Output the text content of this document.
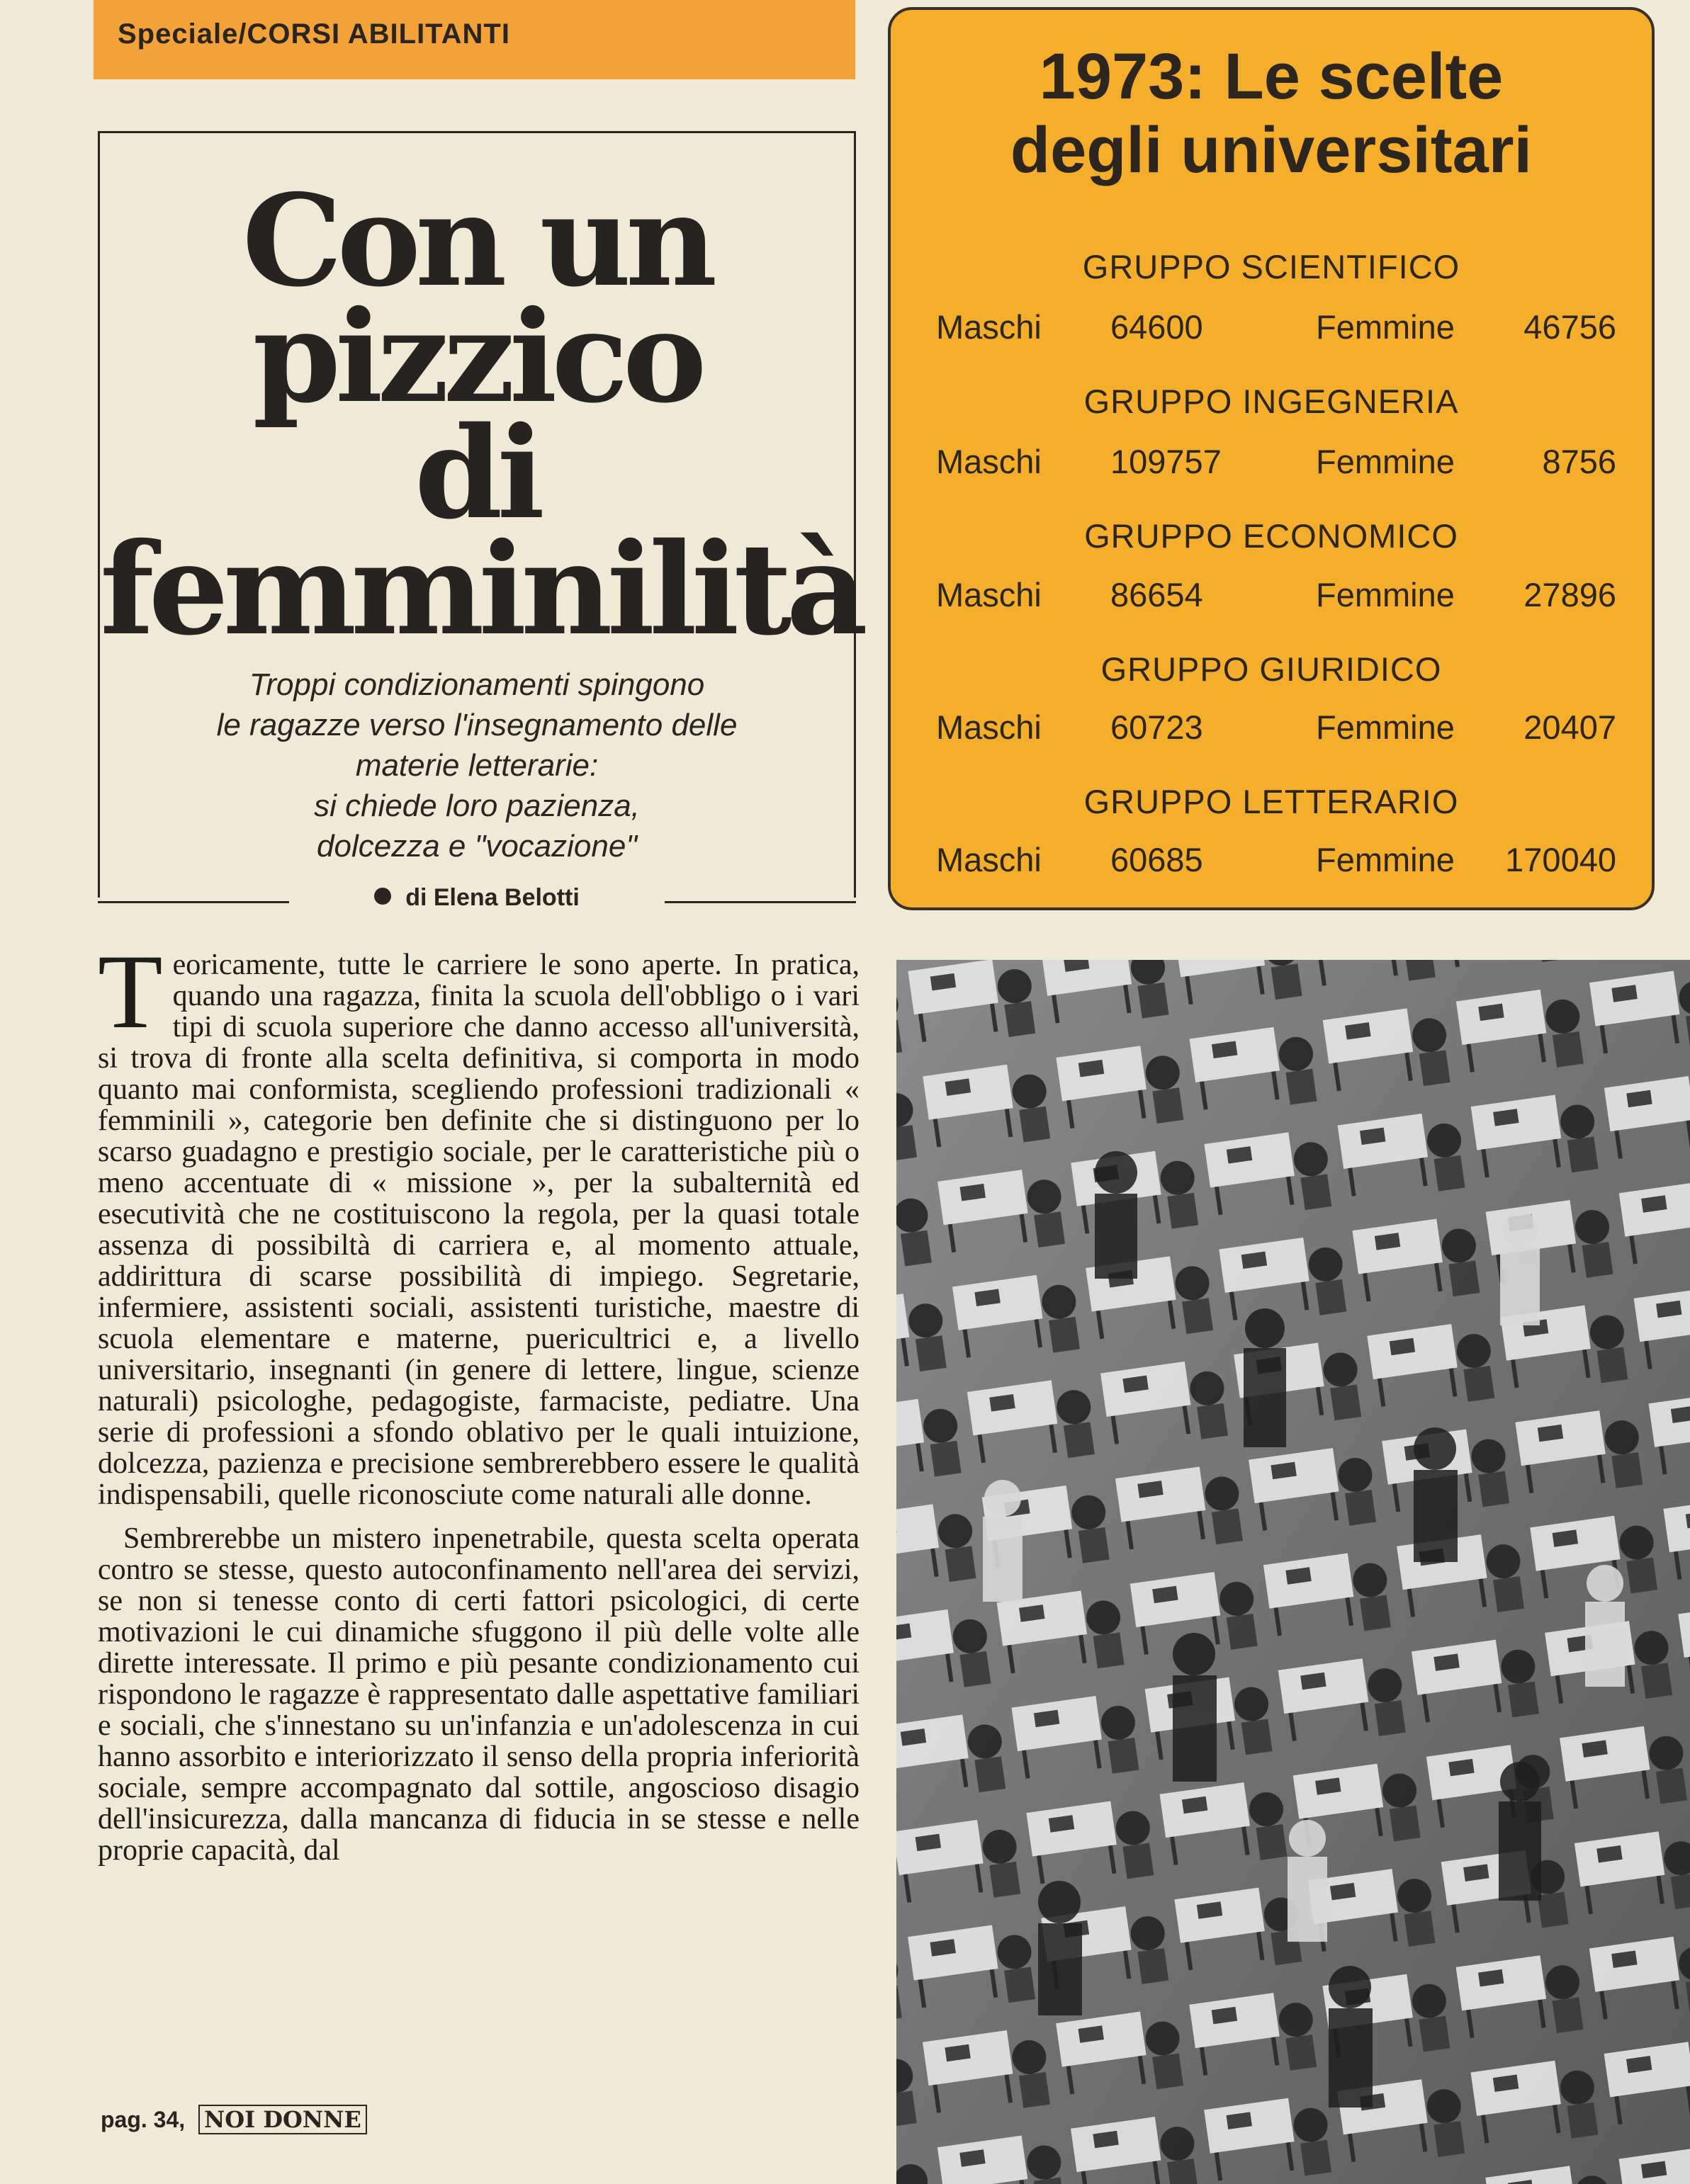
Speciale/CORSI ABILITANTI
Con un pizzico
di
femminilità
Troppi condizionamenti spingono
le ragazze verso l'insegnamento delle
materie letterarie:
si chiede loro pazienza,
dolcezza e "vocazione"
di Elena Belotti
1973: Le scelte
degli universitari
GRUPPO SCIENTIFICO
Maschi 64600	Femmine 46756
GRUPPO INGEGNERIA
Maschi 109757	Femmine	8756
GRUPPO ECONOMICO
Maschi 86654	Femmine 27896
GRUPPO GIURIDICO
Maschi 60723	Femmine 20407
GRUPPO LETTERARIO
Maschi 60685	Femmine 170040

Teoricamente, tutte le carriere le sono aperte. In pratica, quando una ragazza, finita la scuola dell'obbligo o i vari tipi di scuola superiore che danno accesso all'università, si trova di fronte alla scelta definitiva, si comporta in modo quanto mai conformista, scegliendo professioni tradizionali « femminili », categorie ben definite che si distinguono per lo scarso guadagno e prestigio sociale, per le caratteristiche più o meno accentuate di « missione », per la subalternità ed esecutività che ne costituiscono la regola, per la quasi totale assenza di possibiltà di carriera e, al momento attuale, addirittura di scarse possibilità di impiego. Segretarie, infermiere, assistenti sociali, assistenti turistiche, maestre di scuola elementare e materne, puericultrici e, a livello universitario, insegnanti (in genere di lettere, lingue, scienze naturali) psicologhe, pedagogiste, farmaciste, pediatre. Una serie di professioni a sfondo oblativo per le quali intuizione, dolcezza, pazienza e precisione sembrerebbero essere le qualità indispensabili, quelle riconosciute come naturali alle donne.

Sembrerebbe un mistero inpenetrabile, questa scelta operata contro se stesse, questo autoconfinamento nell'area dei servizi, se non si tenesse conto di certi fattori psicologici, di certe motivazioni le cui dinamiche sfuggono il più delle volte alle dirette interessate. Il primo e più pesante condizionamento cui rispondono le ragazze è rappresentato dalle aspettative familiari e sociali, che s'innestano su un'infanzia e un'adolescenza in cui hanno assorbito e interiorizzato il senso della propria inferiorità sociale, sempre accompagnato dal sottile, angoscioso disagio dell'insicurezza, dalla mancanza di fiducia in se stesse e nelle proprie capacità, dal

pag. 34, NOI DONNE
